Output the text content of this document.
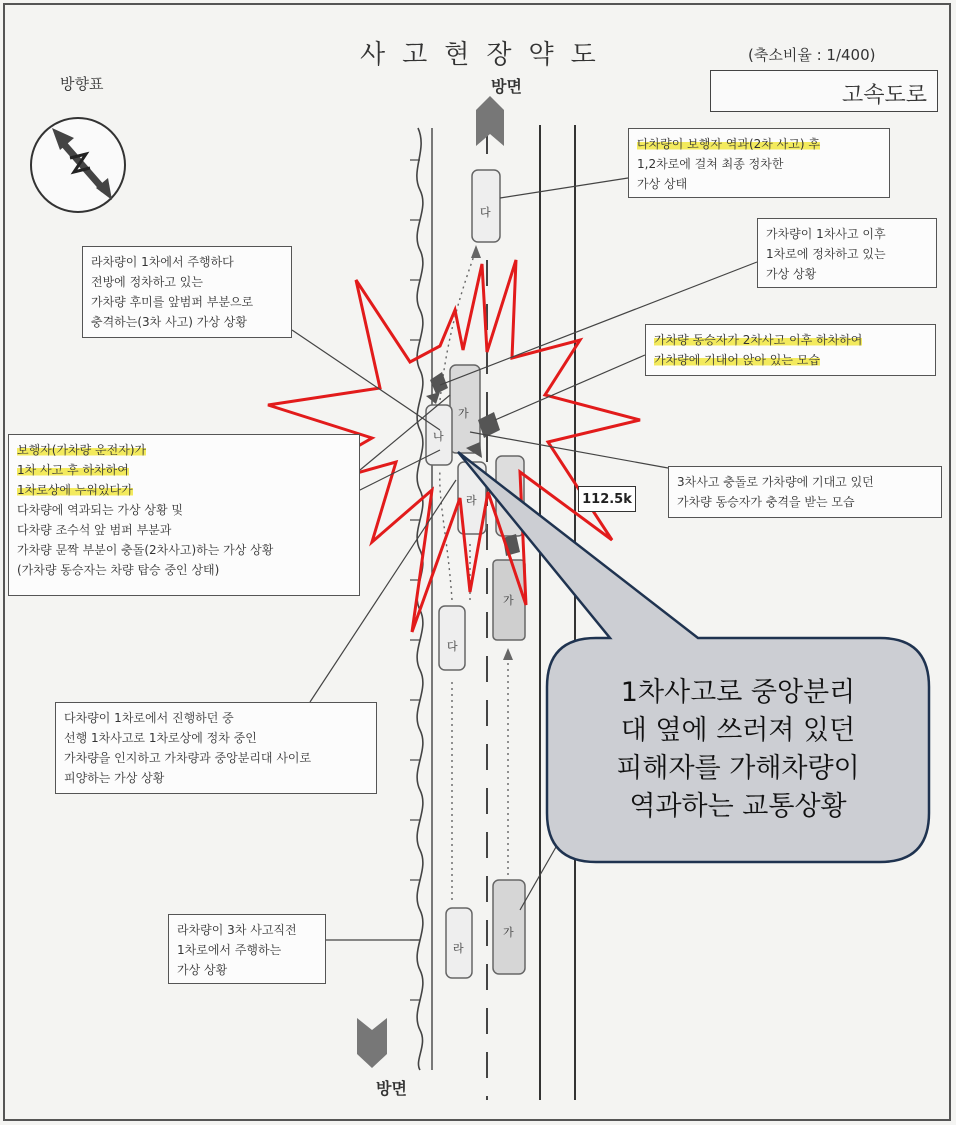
사고현장약도	(축소비율 : 1/400)
고속도로
방향표	방면
방면
112.5k
다
가
나
라
가
다
가
라
다차량이 보행자 역과(2차 사고) 후
1,2차로에 걸쳐 최종 정차한
가상 상태
가차량이 1차사고 이후
1차로에 정차하고 있는
가상 상황
라차량이 1차에서 주행하다
전방에 정차하고 있는
가차량 후미를 앞범퍼 부분으로
충격하는(3차 사고) 가상 상황
가차량 동승자가 2차사고 이후 하차하여
가차량에 기대어 앉아 있는 모습
보행자(가차량 운전자)가
1차 사고 후 하차하여
1차로상에 누워있다가
다차량에 역과되는 가상 상황 및
다차량 조수석 앞 범퍼 부분과
가차량 문짝 부분이 충돌(2차사고)하는 가상 상황
(가차량 동승자는 차량 탑승 중인 상태)
3차사고 충돌로 가차량에 기대고 있던
가차량 동승자가 충격을 받는 모습
다차량이 1차로에서 진행하던 중
선행 1차사고로 1차로상에 정차 중인
가차량을 인지하고 가차량과 중앙분리대 사이로
피양하는 가상 상황
라차량이 3차 사고직전
1차로에서 주행하는
가상 상황
1차사고로 중앙분리
대 옆에 쓰러져 있던
피해자를 가해차량이
역과하는 교통상황
